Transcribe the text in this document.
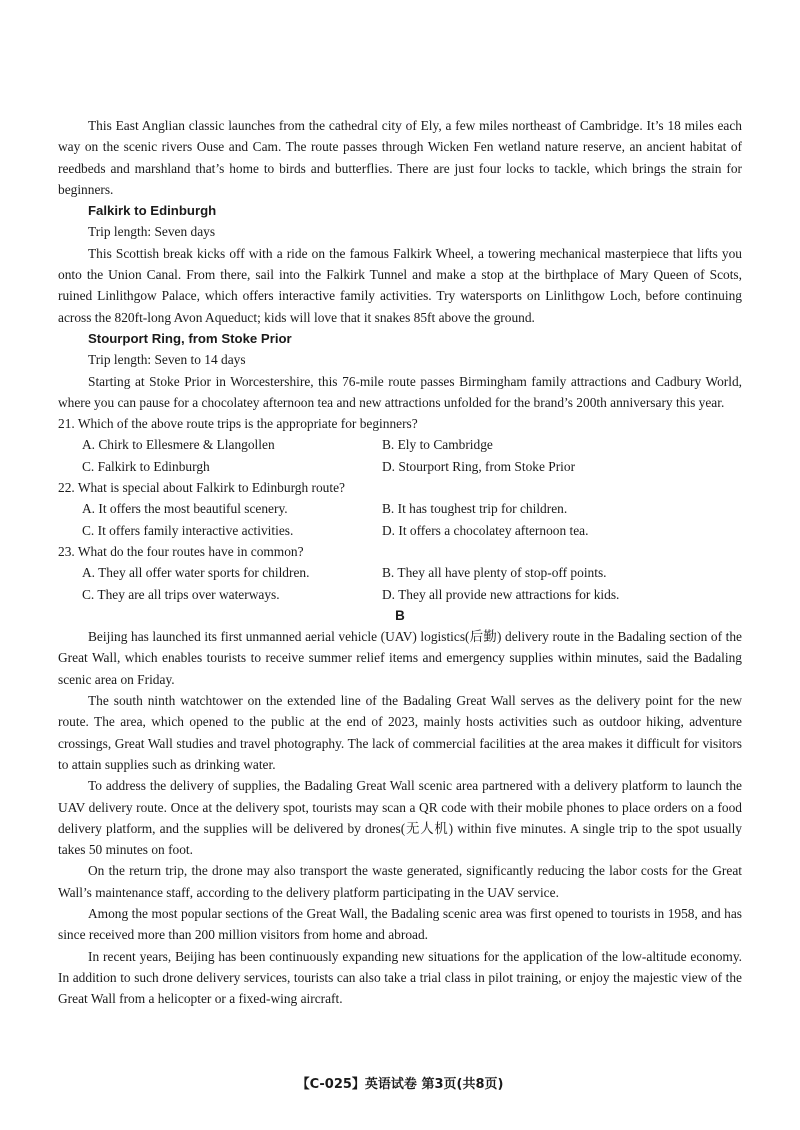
This East Anglian classic launches from the cathedral city of Ely, a few miles northeast of Cambridge. It’s 18 miles each way on the scenic rivers Ouse and Cam. The route passes through Wicken Fen wetland nature reserve, an ancient habitat of reedbeds and marshland that’s home to birds and butterflies. There are just four locks to tackle, which brings the strain for beginners.

Falkirk to Edinburgh
Trip length: Seven days

This Scottish break kicks off with a ride on the famous Falkirk Wheel, a towering mechanical masterpiece that lifts you onto the Union Canal. From there, sail into the Falkirk Tunnel and make a stop at the birthplace of Mary Queen of Scots, ruined Linlithgow Palace, which offers interactive family activities. Try watersports on Linlithgow Loch, before continuing across the 820ft-long Avon Aqueduct; kids will love that it snakes 85ft above the ground.

Stourport Ring, from Stoke Prior
Trip length: Seven to 14 days

Starting at Stoke Prior in Worcestershire, this 76-mile route passes Birmingham family attractions and Cadbury World, where you can pause for a chocolatey afternoon tea and new attractions unfolded for the brand’s 200th anniversary this year.

21. Which of the above route trips is the appropriate for beginners?
A. Chirk to Ellesmere & Llangollen	B. Ely to Cambridge
C. Falkirk to Edinburgh	D. Stourport Ring, from Stoke Prior
22. What is special about Falkirk to Edinburgh route?
A. It offers the most beautiful scenery.	B. It has toughest trip for children.
C. It offers family interactive activities.	D. It offers a chocolatey afternoon tea.
23. What do the four routes have in common?
A. They all offer water sports for children.	B. They all have plenty of stop-off points.
C. They are all trips over waterways.	D. They all provide new attractions for kids.
B

Beijing has launched its first unmanned aerial vehicle (UAV) logistics(后勤) delivery route in the Badaling section of the Great Wall, which enables tourists to receive summer relief items and emergency supplies within minutes, said the Badaling scenic area on Friday.

The south ninth watchtower on the extended line of the Badaling Great Wall serves as the delivery point for the new route. The area, which opened to the public at the end of 2023, mainly hosts activities such as outdoor hiking, adventure crossings, Great Wall studies and travel photography. The lack of commercial facilities at the area makes it difficult for visitors to attain supplies such as drinking water.

To address the delivery of supplies, the Badaling Great Wall scenic area partnered with a delivery platform to launch the UAV delivery route. Once at the delivery spot, tourists may scan a QR code with their mobile phones to place orders on a food delivery platform, and the supplies will be delivered by drones(无人机) within five minutes. A single trip to the spot usually takes 50 minutes on foot.

On the return trip, the drone may also transport the waste generated, significantly reducing the labor costs for the Great Wall’s maintenance staff, according to the delivery platform participating in the UAV service.

Among the most popular sections of the Great Wall, the Badaling scenic area was first opened to tourists in 1958, and has since received more than 200 million visitors from home and abroad.

In recent years, Beijing has been continuously expanding new situations for the application of the low-altitude economy. In addition to such drone delivery services, tourists can also take a trial class in pilot training, or enjoy the majestic view of the Great Wall from a helicopter or a fixed-wing aircraft.

【C-025】英语试卷 第3页(共8页)
